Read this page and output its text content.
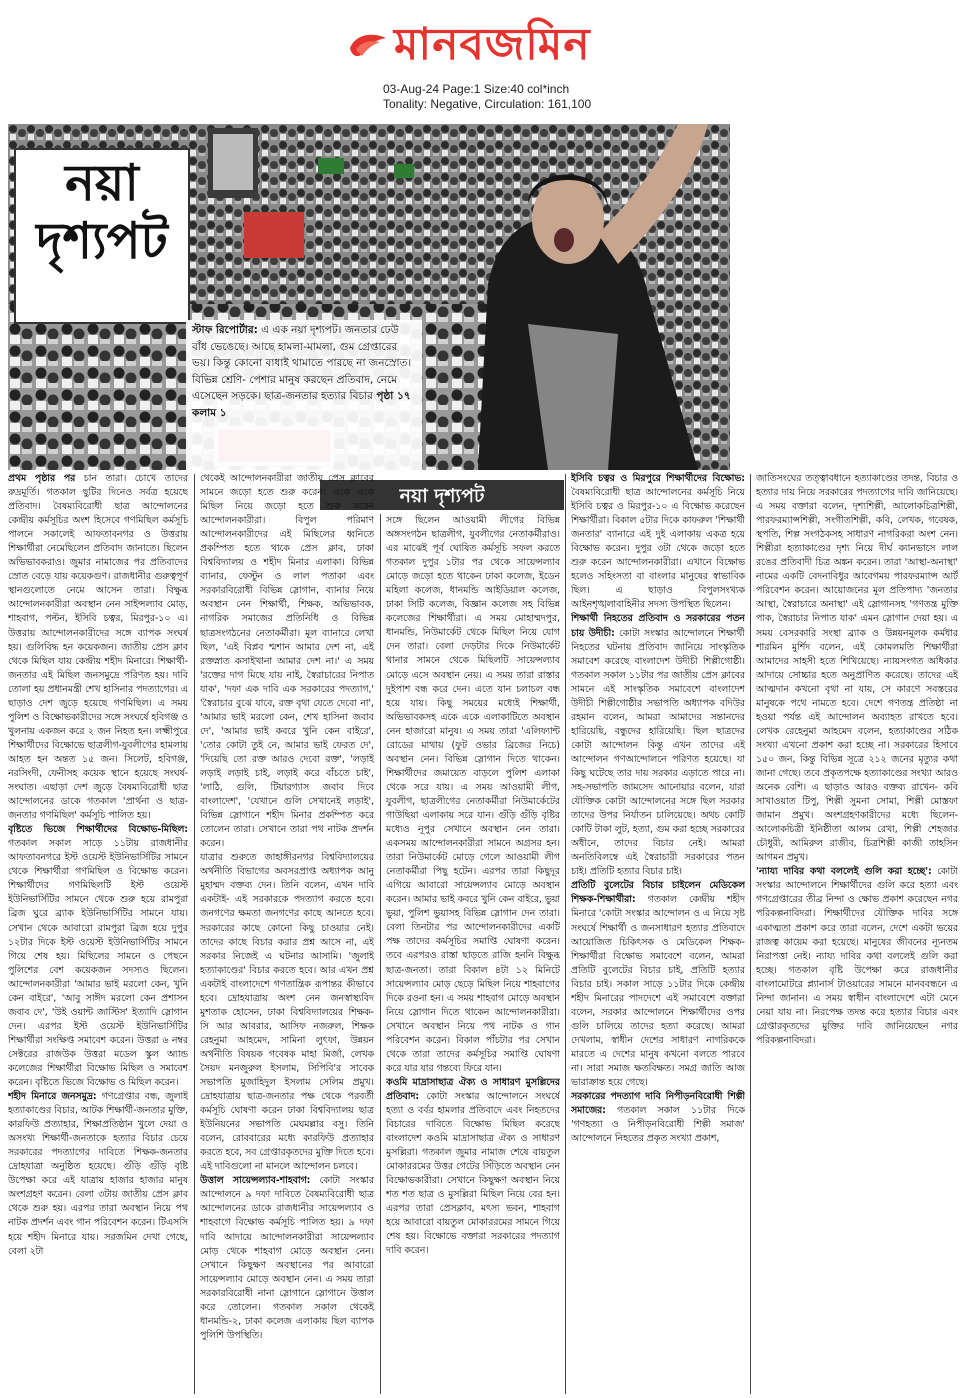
মানবজমিন
03-Aug-24 Page:1 Size:40 col*inch
Tonality: Negative, Circulation: 161,100
নয়া
দৃশ্যপট
স্টাফ রিপোর্টার: এ এক নয়া দৃশ্যপট। জনতার ঢেউ বাঁধ ভেঙেছে। আছে হামলা-মামলা, গুম গ্রেপ্তারের ভয়। কিন্তু কোনো বাধাই থামাতে পারছে না জনস্রোত। বিভিন্ন শ্রেণি- পেশার মানুষ করছেন প্রতিবাদ, নেমে এসেছেন সড়কে। ছাত্র-জনতার হত্যার বিচার পৃষ্ঠা ১৭ কলাম ১
নয়া দৃশ্যপট

প্রথম পৃষ্ঠার পর চান তারা। চোখে তাদের রুদ্রমূর্তি। গতকাল ছুটির দিনেও সর্বত্র হয়েছে প্রতিবাদ। বৈষম্যবিরোধী ছাত্র আন্দোলনের কেন্দ্রীয় কর্মসূচির অংশ হিসেবে গণমিছিল কর্মসূচি পালনে সকালেই আফতাবনগর ও উত্তরায় শিক্ষার্থীরা নেমেছিলেন প্রতিবাদ জানাতে। ছিলেন অভিভাবকরাও। জুমার নামাজের পর প্রতিবাদের স্রোত বেড়ে যায় কয়েকগুণ। রাজধানীর গুরুত্বপূর্ণ স্থানগুলোতে নেমে আসেন তারা। বিক্ষুব্ধ আন্দোলনকারীরা অবস্থান নেন সাইন্সল্যাব মোড়, শাহবাগ, পল্টন, ইসিবি চত্বর, মিরপুর-১০ এ। উত্তরায় আন্দোলনকারীদের সঙ্গে ব্যাপক সংঘর্ষ হয়। গুলিবিদ্ধ হন কয়েকজন। জাতীয় প্রেস ক্লাব থেকে মিছিল যায় কেন্দ্রীয় শহীদ মিনারে। শিক্ষার্থী-জনতার এই মিছিল জনসমুদ্রে পরিণত হয়। দাবি তোলা হয় প্রধানমন্ত্রী শেখ হাসিনার পদত্যাগের। এ ছাড়াও দেশ জুড়ে হয়েছে গণমিছিল। এ সময় পুলিশ ও বিক্ষোভকারীদের সঙ্গে সংঘর্ষে হবিগঞ্জ ও খুলনায় একজন করে ২ জন নিহত হন। লক্ষ্মীপুরে শিক্ষার্থীদের বিক্ষোভে ছাত্রলীগ-যুবলীগের হামলায় আহত হন অন্তত ১৫ জন। সিলেট, হবিগঞ্জ, নরসিংদী, ফেনীসহ কয়েক স্থানে হয়েছে সংঘর্ষ-সংঘাত। এছাড়া দেশ জুড়ে বৈষম্যবিরোধী ছাত্র আন্দোলনের ডাকে গতকাল 'প্রার্থনা ও ছাত্র-জনতার গণমিছিল' কর্মসূচি পালিত হয়।

বৃষ্টিতে ভিজে শিক্ষার্থীদের বিক্ষোভ-মিছিল: গতকাল সকাল সাড়ে ১১টায় রাজধানীর আফতাবনগরে ইস্ট ওয়েস্ট ইউনিভার্সিটির সামনে থেকে শিক্ষার্থীরা গণমিছিল ও বিক্ষোভ করেন। শিক্ষার্থীদের গণমিছিলটি ইস্ট ওয়েস্ট ইউনিভার্সিটির সামনে থেকে শুরু হয়ে রামপুরা ব্রিজ ঘুরে ব্র্যাক ইউনিভার্সিটির সামনে যায়। সেখান থেকে আবারো রামপুরা ব্রিজ হয়ে দুপুর ১২টার দিকে ইস্ট ওয়েস্ট ইউনিভার্সিটির সামনে গিয়ে শেষ হয়। মিছিলের সামনে ও পেছনে পুলিশের বেশ কয়েকজন সদস্যও ছিলেন। আন্দোলনকারীরা 'আমার ভাই মরলো কেন, খুনি কেন বাইরে', 'আবু সাঈদ মরলো কেন প্রশাসন জবাব দে', 'উই ওয়ান্ট জাস্টিস' ইত্যাদি স্লোগান দেন। এরপর ইস্ট ওয়েস্ট ইউনিভার্সিটির শিক্ষার্থীরা সংক্ষিপ্ত সমাবেশ করেন। উত্তরা ৬ নম্বর সেক্টরের রাজউক উত্তরা মডেল স্কুল অ্যান্ড কলেজের শিক্ষার্থীরা বিক্ষোভ মিছিল ও সমাবেশ করেন। বৃষ্টিতে ভিজে বিক্ষোভ ও মিছিল করেন।

শহীদ মিনারে জনসমুদ্র: গণগ্রেপ্তার বন্ধ, জুলাই হত্যাকাণ্ডের বিচার, আটক শিক্ষার্থী-জনতার মুক্তি, কারফিউ প্রত্যাহার, শিক্ষাপ্রতিষ্ঠান খুলে দেয়া ও অসংখ্য শিক্ষার্থী-জনতাকে হত্যার বিচার চেয়ে সরকারের পদত্যাগের দাবিতে শিক্ষক-জনতার দ্রোহযাত্রা অনুষ্ঠিত হয়েছে। গুঁড়ি গুঁড়ি বৃষ্টি উপেক্ষা করে এই যাত্রায় হাজার হাজার মানুষ অংশগ্রহণ করেন। বেলা ৩টায় জাতীয় প্রেস ক্লাব থেকে শুরু হয়। এরপর তারা অবস্থান নিয়ে পথ নাটক প্রদর্শন এবং গান পরিবেশন করেন। টিএসসি হয়ে শহীদ মিনারে যায়। সরজমিন দেখা গেছে, বেলা ২টা

থেকেই আন্দোলনকারীরা জাতীয় প্রেস ক্লাবের সামনে জড়ো হতে শুরু করেন। একে একে মিছিল নিয়ে জড়ো হতে শুরু করেন আন্দোলনকারীরা। বিপুল পরিমাণ আন্দোলনকারীদের এই মিছিলের ধ্বনিতে প্রকম্পিত হতে থাকে প্রেস ক্লাব, ঢাকা বিশ্ববিদ্যালয় ও শহীদ মিনার এলাকা। বিভিন্ন ব্যানার, ফেস্টুন ও লাল পতাকা এবং সরকারবিরোধী বিভিন্ন স্লোগান, ব্যানার নিয়ে অবস্থান নেন শিক্ষার্থী, শিক্ষক, অভিভাবক, নাগরিক সমাজের প্রতিনিধি ও বিভিন্ন ছাত্রসংগঠনের নেতাকর্মীরা। মূল ব্যানারে লেখা ছিল, 'এই বিপ্লব শ্মশান আমার দেশ না, এই রক্তস্নাত কসাইখানা আমার দেশ না।' এ সময় 'রক্তের দাগ মিছে যায় নাই, স্বৈরাচারের নিপাত যাক', 'দফা এক দাবি এক সরকারের পদত্যাগ,' 'স্বৈরাচার বুঝে যাবে, রক্ত বৃথা যেতে দেবো না', 'আমার ভাই মরলো কেন, শেখ হাসিনা জবাব দে', 'আমার ভাই কবরে খুনি কেন বাইরে', 'তোর কোটা তুই নে, আমার ভাই ফেরত দে', 'দিয়েছি তো রক্ত আরও দেবো রক্ত', 'লড়াই লড়াই লড়াই চাই, লড়াই করে বাঁচতে চাই', 'লাঠি, গুলি, টিয়ারগ্যাস জবাব দিবে বাংলাদেশ', 'যেখানে গুলি সেখানেই লড়াই', বিভিন্ন স্লোগানে শহীদ মিনার প্রকম্পিত করে তোলেন তারা। সেখানে তারা পথ নাটক প্রদর্শন করেন।

যাত্রার শুরুতে জাহাঙ্গীরনগর বিশ্ববিদ্যালয়ের অর্থনীতি বিভাগের অবসরপ্রাপ্ত অধ্যাপক আনু মুহাম্মদ বক্তব্য দেন। তিনি বলেন, এখন দাবি একটাই- এই সরকারকে পদত্যাগ করতে হবে। জনগণের ক্ষমতা জনগণের কাছে আনতে হবে। সরকারের কাছে কোনো কিছু চাওয়ার নেই। তাদের কাছে বিচার করার প্রশ্ন আসে না, এই সরকার নিজেই এ ঘটনার আসামি। 'জুলাই হত্যাকাণ্ডের' বিচার করতে হবে। আর এখন প্রশ্ন একটাই বাংলাদেশে গণতান্ত্রিক রূপান্তর কীভাবে হবে। দ্রোহযাত্রায় অংশ নেন জনস্বাস্থ্যবিদ মুশতাক হোসেন, ঢাকা বিশ্ববিদ্যালয়ের শিক্ষক- সি আর আবরার, আসিফ নজরুল, শিক্ষক রেহনুমা আহমেদ, সামিনা লুৎফা, উন্নয়ন অর্থনীতি বিষয়ক গবেষক মাহা মির্জা, লেখক সৈয়দ মনজুরুল ইসলাম, সিপিবি'র সাবেক সভাপতি মুজাহিদুল ইসলাম সেলিম প্রমুখ। দ্রোহযাত্রায় ছাত্র-জনতার পক্ষ থেকে পরবর্তী কর্মসূচি ঘোষণা করেন ঢাকা বিশ্ববিদ্যালয় ছাত্র ইউনিয়নের সভাপতি মেঘমল্লার বসু। তিনি বলেন, রোববারের মধ্যে কারফিউ প্রত্যাহার করতে হবে, সব গ্রেপ্তারকৃতদের মুক্তি দিতে হবে। এই দাবিগুলো না মানলে আন্দোলন চলবে।

উত্তাল সায়েন্সল্যাব-শাহবাগ: কোটা সংস্কার আন্দোলনে ৯ দফা দাবিতে বৈষম্যবিরোধী ছাত্র আন্দোলনের ডাকে রাজধানীর সায়েন্সল্যাব ও শাহবাগে বিক্ষোভ কর্মসূচি পালিত হয়। ৯ দফা দাবি আদায়ে আন্দোলনকারীরা সায়েন্সল্যাব মোড় থেকে শাহবাগ মোড়ে অবস্থান নেন। সেখানে কিছুক্ষণ অবস্থানের পর আবারো সায়েন্সল্যাব মোড়ে অবস্থান নেন। এ সময় তারা সরকারবিরোধী নানা স্লোগানে স্লোগানে উত্তাল করে তোলেন। গতকাল সকাল থেকেই ধানমন্ডি-২, ঢাকা কলেজ এলাকায় ছিল ব্যাপক পুলিশি উপস্থিতি।

সঙ্গে ছিলেন আওয়ামী লীগের বিভিন্ন অঙ্গসংগঠন ছাত্রলীগ, যুবলীগের নেতাকর্মীরাও। এর মাঝেই পূর্ব ঘোষিত কর্মসূচি সফল করতে গতকাল দুপুর ১টার পর থেকে সায়েন্সল্যাব মোড়ে জড়ো হতে থাকেন ঢাকা কলেজ, ইডেন মহিলা কলেজ, ধানমন্ডি আইডিয়াল কলেজ, ঢাকা সিটি কলেজ, বিজ্ঞান কলেজ সহ বিভিন্ন কলেজের শিক্ষার্থীরা। এ সময় মোহাম্মদপুর, ধানমন্ডি, নিউমার্কেট থেকে মিছিল নিয়ে যোগ দেন তারা। বেলা দেড়টার দিকে নিউমার্কেট থানার সামনে থেকে মিছিলটি সায়েন্সল্যাব মোড়ে এসে অবস্থান নেয়। এ সময় তারা রাস্তার দুইপাশ বন্ধ করে দেন। এতে যান চলাচল বন্ধ হয়ে যায়। কিছু সময়ের মধ্যেই শিক্ষার্থী, অভিভাবকসহ একে একে এলাকাটিতে অবস্থান নেন হাজারো মানুষ। এ সময় তারা 'এলিফ্যান্ট রোডের মাথায় (ফুট ওভার ব্রিজের নিচে) অবস্থান নেন। বিভিন্ন স্লোগান দিতে থাকেন। শিক্ষার্থীদের জমায়েত বাড়লে পুলিশ এলাকা থেকে সরে যায়। এ সময় আওয়ামী লীগ, যুবলীগ, ছাত্রলীগের নেতাকর্মীরা নিউমার্কেটের গাউছিয়া এলাকায় সরে যান। গুঁড়ি গুঁড়ি বৃষ্টির মধ্যেও নূপুর সেখানে অবস্থান নেন তারা। একসময় আন্দোলনকারীরা সামনে অগ্রসর হন। তারা নিউমার্কেট মোড়ে গেলে আওয়ামী লীগ নেতাকর্মীরা পিছু হটেন। এরপর তারা কিছুদূর এগিয়ে আবারো সায়েন্সল্যাব মোড়ে অবস্থান করেন। আমার ভাই কবরে খুনি কেন বাইরে, ভুয়া ভুয়া, পুলিশ ভুয়াসহ বিভিন্ন স্লোগান দেন তারা। বেলা তিনটার পর আন্দোলনকারীদের একটি পক্ষ তাদের কর্মসূচির সমাপ্তি ঘোষণা করেন। তবে এরপরও রাস্তা ছাড়তে রাজি হননি বিক্ষুব্ধ ছাত্র-জনতা। তারা বিকাল ৪টা ১২ মিনিটে সায়েন্সল্যাব মোড় ছেড়ে মিছিল নিয়ে শাহবাগের দিকে রওনা হন। এ সময় শাহবাগ মোড়ে অবস্থান নিয়ে স্লোগান দিতে থাকেন আন্দোলনকারীরা। সেখানে অবস্থান নিয়ে পথ নাটক ও গান পরিবেশন করেন। বিকাল পাঁচটার পর সেখান থেকে তারা তাদের কর্মসূচির সমাপ্তি ঘোষণা করে যার যার গন্তব্যে ফিরে যান।

কওমি মাদ্রাসাছাত্র ঐক্য ও সাধারণ মুসল্লিদের প্রতিবাদ: কোটা সংস্কার আন্দোলনে সংঘর্ষে হত্যা ও বর্বর হামলার প্রতিবাদে এবং নিহতদের বিচারের দাবিতে বিক্ষোভ মিছিল করেছে বাংলাদেশ কওমি মাদ্রাসাছাত্র ঐক্য ও সাধারণ মুসল্লিরা। গতকাল জুমার নামাজ শেষে বায়তুল মোকাররমের উত্তর গেটের সিঁড়িতে অবস্থান নেন বিক্ষোভকারীরা। সেখানে কিছুক্ষণ অবস্থান নিয়ে শত শত ছাত্র ও মুসল্লিরা মিছিল নিয়ে বের হন। এরপর তারা প্রেসক্লাব, মৎস্য ভবন, শাহবাগ হয়ে আবারো বায়তুল মোকাররমের সামনে গিয়ে শেষ হয়। বিক্ষোভে বক্তারা সরকারের পদত্যাগ দাবি করেন।

ইসিবি চত্বর ও মিরপুরে শিক্ষার্থীদের বিক্ষোভ: বৈষম্যবিরোধী ছাত্র আন্দোলনের কর্মসূচি নিয়ে ইসিবি চত্বর ও মিরপুর-১০ এ বিক্ষোভ করেছেন শিক্ষার্থীরা। বিকাল ৫টার দিকে কাফরুল 'শিক্ষার্থী জনতার' ব্যানারে এই দুই এলাকায় একত্র হয়ে বিক্ষোভ করেন। দুপুর ৩টা থেকে জড়ো হতে শুরু করেন আন্দোলনকারীরা। এখানে বিক্ষোভ হলেও সহিংসতা বা বাংলার মানুষের স্বাভাবিক ছিল। এ ছাড়াও বিপুলসংখ্যক আইনশৃঙ্খলাবাহিনীর সদস্য উপস্থিত ছিলেন।

শিক্ষার্থী নিহতের প্রতিবাদ ও সরকারের পতন চায় উদীচী: কোটা সংস্কার আন্দোলনে শিক্ষার্থী নিহতের ঘটনায় প্রতিবাদ জানিয়ে সাংস্কৃতিক সমাবেশ করেছে বাংলাদেশ উদীচী শিল্পীগোষ্ঠী। গতকাল সকাল ১১টার পর জাতীয় প্রেস ক্লাবের সামনে এই সাংস্কৃতিক সমাবেশে বাংলাদেশ উদীচী শিল্পীগোষ্ঠীর সভাপতি অধ্যাপক বদিউর রহমান বলেন, আমরা আমাদের সন্তানদের হারিয়েছি, বন্ধুদের হারিয়েছি। ছিল ছাত্রদের কোটা আন্দোলন কিন্তু এখন তাদের এই আন্দোলন গণআন্দোলনে পরিণত হয়েছে। যা কিছু ঘটেছে তার দায় সরকার এড়াতে পারে না। সহ-সভাপতি জামসেদ আনোয়ার বলেন, যারা যৌক্তিক কোটা আন্দোলনের সঙ্গে ছিল সরকার তাদের উপর নির্যাতন চালিয়েছে। অথচ কোটি কোটি টাকা লুট, হত্যা, গুম করা হচ্ছে সরকারের অধীনে, তাদের বিচার নেই। আমরা অনতিবিলম্বে এই স্বৈরাচারী সরকারের পতন চাই। প্রতিটি হত্যার বিচার চাই।

প্রতিটি বুলেটের বিচার চাইলেন মেডিকেল শিক্ষক-শিক্ষার্থীরা: গতকাল কেন্দ্রীয় শহীদ মিনারে 'কোটা সংস্কার আন্দোলন ও এ নিয়ে সৃষ্ট সংঘর্ষে শিক্ষার্থী ও জনসাধারণ হত্যার প্রতিবাদে আয়োজিত চিকিৎসক ও মেডিকেল শিক্ষক-শিক্ষার্থীরা বিক্ষোভ সমাবেশে বলেন, আমরা প্রতিটি বুলেটের বিচার চাই, প্রতিটি হত্যার বিচার চাই। সকাল সাড়ে ১১টার দিকে কেন্দ্রীয় শহীদ মিনারের পাদদেশে এই সমাবেশে বক্তারা বলেন, সরকার আন্দোলনে শিক্ষার্থীদের ওপর গুলি চালিয়ে তাদের হত্যা করেছে। আমরা দেখলাম, স্বাধীন দেশের সাধারণ নাগরিককে মারতে এ দেশের মানুষ কখনো বলতে পারবে না। সারা সমাজ ক্ষতবিক্ষত। সমগ্র জাতি আজ ভারাক্রান্ত হয়ে গেছে।

সরকারের পদত্যাগ দাবি নিপীড়নবিরোধী শিল্পী সমাজের: গতকাল সকাল ১১টার দিকে 'গণহত্যা ও নিপীড়নবিরোধী শিল্পী সমাজ' আন্দোলনে নিহতের প্রকৃত সংখ্যা প্রকাশ,

জাতিসংঘের তত্ত্বাবধানে হত্যাকাণ্ডের তদন্ত, বিচার ও হত্যার দায় নিয়ে সরকারের পদত্যাগের দাবি জানিয়েছে। এ সময় বক্তারা বলেন, দৃশ্যশিল্পী, আলোকচিত্রশিল্পী, পারফরম্যান্সশিল্পী, সংগীতশিল্পী, কবি, লেখক, গবেষক, স্থপতি, শিল্প সংগঠকসহ সাধারণ নাগরিকরা অংশ নেন। শিল্পীরা হত্যাকাণ্ডের দৃশ্য নিয়ে দীর্ঘ ক্যানভাসে লাল রঙের প্রতিবাদী চিত্র অঙ্কন করেন। তারা 'আস্থা-অনাস্থা' নামের একটি বেদনাবিধুর আবেগময় পারফরম্যান্স আর্ট পরিবেশন করেন। আয়োজনের মূল প্রতিপাদ্য 'জনতার আস্থা, স্বৈরাচারে অনাস্থা' এই স্লোগানসহ 'গণতন্ত্র মুক্তি পাক, স্বৈরাচার নিপাত যাক' এমন স্লোগান দেয়া হয়। এ সময় বেসরকারি সংস্থা ব্র্যাক ও উন্নয়নমূলক কর্মধার শারমিন মুর্শিদ বলেন, এই কোমলমতি শিক্ষার্থীরা আমাদের সাহসী হতে শিখিয়েছে। ন্যায়সংগত অধিকার আদায়ে সোচ্চার হতে অনুপ্রাণিত করেছে। তাদের এই আত্মদান কখনো বৃথা না যায়, সে কারণে সবস্তরের মানুষকে পথে নামতে হবে। দেশে গণতন্ত্র প্রতিষ্ঠা না হওয়া পর্যন্ত এই আন্দোলন অব্যাহত রাখতে হবে। লেখক রেহেনুমা আহমেদ বলেন, হত্যাকাণ্ডের সঠিক সংখ্যা এখনো প্রকাশ করা হচ্ছে না। সরকারের হিসাবে ১৫০ জন, কিন্তু বিভিন্ন সূত্রে ২১২ জনের মৃত্যুর কথা জানা গেছে। তবে প্রকৃতপক্ষে হত্যাকাণ্ডের সংখ্যা আরও অনেক বেশি। এ ছাড়াও আরও বক্তব্য রাখেন- কবি সাখাওয়াত টিপু, শিল্পী সুমনা সোমা, শিল্পী মোস্তফা জামান প্রমুখ। অংশগ্রহণকারীদের মধ্যে ছিলেন- আলোকচিত্রী ইনিষ্ঠীতা আলম রেখা, শিল্পী শেহজার চৌধুরী, আমিরুল রাজীব, চিত্রশিল্পী কাজী তাহসিন আগমন প্রমুখ।

'ন্যায্য দাবির কথা বললেই গুলি করা হচ্ছে': কোটা সংস্কার আন্দোলনে শিক্ষার্থীদের গুলি করে হত্যা এবং গণগ্রেপ্তারের তীব্র নিন্দা ও ক্ষোভ প্রকাশ করেছেন নগর পরিকল্পনাবিদরা। শিক্ষার্থীদের যৌক্তিক দাবির সঙ্গে একাত্মতা প্রকাশ করে তারা বলেন, দেশে একটা ভয়ের রাজত্ব কায়েম করা হয়েছে। মানুষের জীবনের ন্যূনতম নিরাপত্তা নেই। ন্যায্য দাবির কথা বললেই গুলি করা হচ্ছে। গতকাল বৃষ্টি উপেক্ষা করে রাজধানীর বাংলামোটরে প্ল্যানার্স টাওয়ারের সামনে মানববন্ধনে এ নিন্দা জানান। এ সময় স্বাধীন বাংলাদেশে এটা মেনে নেয়া যায় না। নিরপেক্ষ তদন্ত করে হত্যার বিচার এবং গ্রেপ্তারকৃতদের মুক্তির দাবি জানিয়েছেন নগর পরিকল্পনাবিদরা।
